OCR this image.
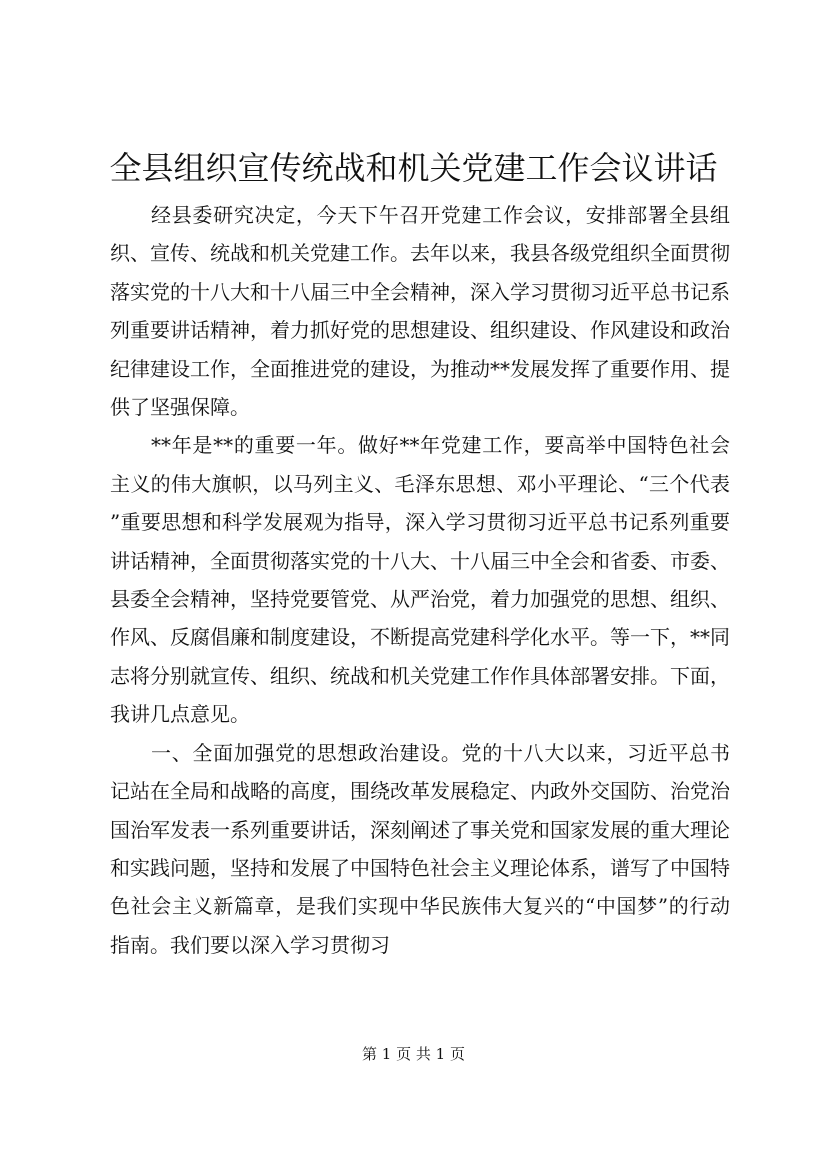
全县组织宣传统战和机关党建工作会议讲话

经县委研究决定，今天下午召开党建工作会议，安排部署全县组织、宣传、统战和机关党建工作。去年以来，我县各级党组织全面贯彻落实党的十八大和十八届三中全会精神，深入学习贯彻习近平总书记系列重要讲话精神，着力抓好党的思想建设、组织建设、作风建设和政治纪律建设工作，全面推进党的建设，为推动**发展发挥了重要作用、提供了坚强保障。

**年是**的重要一年。做好**年党建工作，要高举中国特色社会主义的伟大旗帜，以马列主义、毛泽东思想、邓小平理论、“三个代表”重要思想和科学发展观为指导，深入学习贯彻习近平总书记系列重要讲话精神，全面贯彻落实党的十八大、十八届三中全会和省委、市委、县委全会精神，坚持党要管党、从严治党，着力加强党的思想、组织、作风、反腐倡廉和制度建设，不断提高党建科学化水平。等一下，**同志将分别就宣传、组织、统战和机关党建工作作具体部署安排。下面，我讲几点意见。

一、全面加强党的思想政治建设。党的十八大以来，习近平总书记站在全局和战略的高度，围绕改革发展稳定、内政外交国防、治党治国治军发表一系列重要讲话，深刻阐述了事关党和国家发展的重大理论和实践问题，坚持和发展了中国特色社会主义理论体系，谱写了中国特色社会主义新篇章，是我们实现中华民族伟大复兴的“中国梦”的行动指南。我们要以深入学习贯彻习

第 1 页 共 1 页
